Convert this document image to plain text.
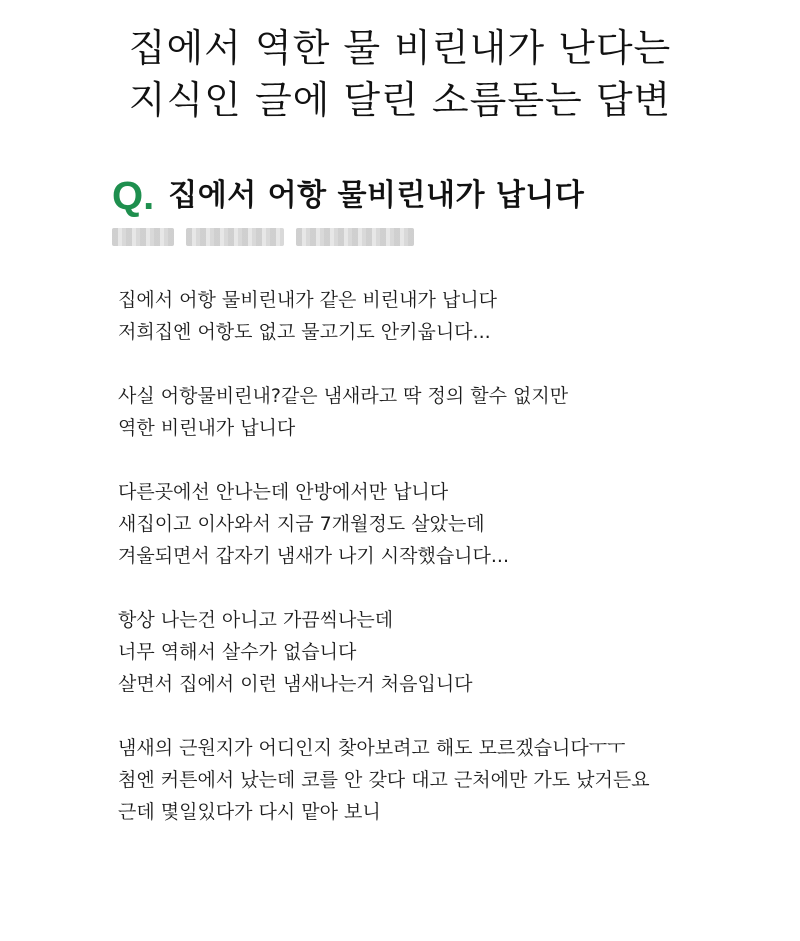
집에서 역한 물 비린내가 난다는
지식인 글에 달린 소름돋는 답변
Q. 집에서 어항 물비린내가 납니다
집에서 어항 물비린내가 같은 비린내가 납니다
저희집엔 어항도 없고 물고기도 안키웁니다...
사실 어항물비린내?같은 냄새라고 딱 정의 할수 없지만
역한 비린내가 납니다
다른곳에선 안나는데 안방에서만 납니다
새집이고 이사와서 지금 7개월정도 살았는데
겨울되면서 갑자기 냄새가 나기 시작했습니다...
항상 나는건 아니고 가끔씩나는데
너무 역해서 살수가 없습니다
살면서 집에서 이런 냄새나는거 처음입니다
냄새의 근원지가 어디인지 찾아보려고 해도 모르겠습니다ㅜㅜ
첨엔 커튼에서 났는데 코를 안 갖다 대고 근처에만 가도 났거든요
근데 몇일있다가 다시 맡아 보니
